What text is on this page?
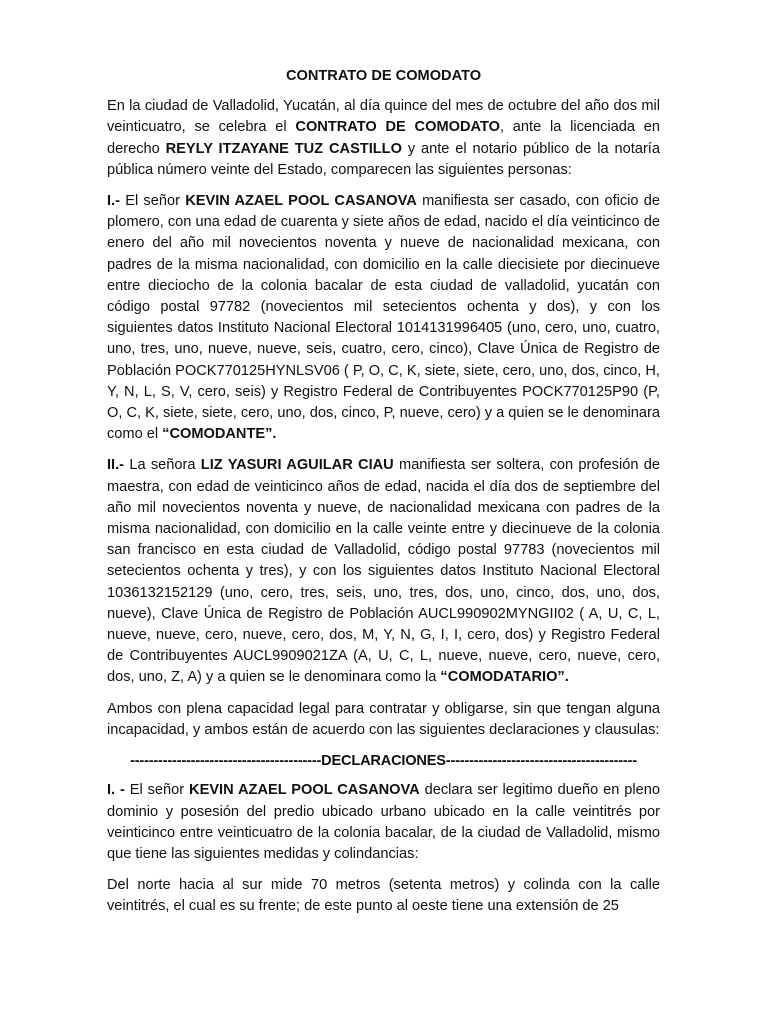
CONTRATO DE COMODATO

En la ciudad de Valladolid, Yucatán, al día quince del mes de octubre del año dos mil veinticuatro, se celebra el CONTRATO DE COMODATO, ante la licenciada en derecho REYLY ITZAYANE TUZ CASTILLO y ante el notario público de la notaría pública número veinte del Estado, comparecen las siguientes personas:

I.- El señor KEVIN AZAEL POOL CASANOVA manifiesta ser casado, con oficio de plomero, con una edad de cuarenta y siete años de edad, nacido el día veinticinco de enero del año mil novecientos noventa y nueve de nacionalidad mexicana, con padres de la misma nacionalidad, con domicilio en la calle diecisiete por diecinueve entre dieciocho de la colonia bacalar de esta ciudad de valladolid, yucatán con código postal 97782 (novecientos mil setecientos ochenta y dos), y con los siguientes datos Instituto Nacional Electoral 1014131996405 (uno, cero, uno, cuatro, uno, tres, uno, nueve, nueve, seis, cuatro, cero, cinco), Clave Única de Registro de Población POCK770125HYNLSV06 ( P, O, C, K, siete, siete, cero, uno, dos, cinco, H, Y, N, L, S, V, cero, seis) y Registro Federal de Contribuyentes POCK770125P90 (P, O, C, K, siete, siete, cero, uno, dos, cinco, P, nueve, cero) y a quien se le denominara como el “COMODANTE”.

II.- La señora LIZ YASURI AGUILAR CIAU manifiesta ser soltera, con profesión de maestra, con edad de veinticinco años de edad, nacida el día dos de septiembre del año mil novecientos noventa y nueve, de nacionalidad mexicana con padres de la misma nacionalidad, con domicilio en la calle veinte entre y diecinueve de la colonia san francisco en esta ciudad de Valladolid, código postal 97783 (novecientos mil setecientos ochenta y tres), y con los siguientes datos Instituto Nacional Electoral 1036132152129 (uno, cero, tres, seis, uno, tres, dos, uno, cinco, dos, uno, dos, nueve), Clave Única de Registro de Población AUCL990902MYNGII02 ( A, U, C, L, nueve, nueve, cero, nueve, cero, dos, M, Y, N, G, I, I, cero, dos) y Registro Federal de Contribuyentes AUCL9909021ZA (A, U, C, L, nueve, nueve, cero, nueve, cero, dos, uno, Z, A) y a quien se le denominara como la “COMODATARIO”.

Ambos con plena capacidad legal para contratar y obligarse, sin que tengan alguna incapacidad, y ambos están de acuerdo con las siguientes declaraciones y clausulas:

-----------------------------------------DECLARACIONES-----------------------------------------

I. - El señor KEVIN AZAEL POOL CASANOVA declara ser legitimo dueño en pleno dominio y posesión del predio ubicado urbano ubicado en la calle veintitrés por veinticinco entre veinticuatro de la colonia bacalar, de la ciudad de Valladolid, mismo que tiene las siguientes medidas y colindancias:

Del norte hacia al sur mide 70 metros (setenta metros) y colinda con la calle veintitrés, el cual es su frente; de este punto al oeste tiene una extensión de 25
